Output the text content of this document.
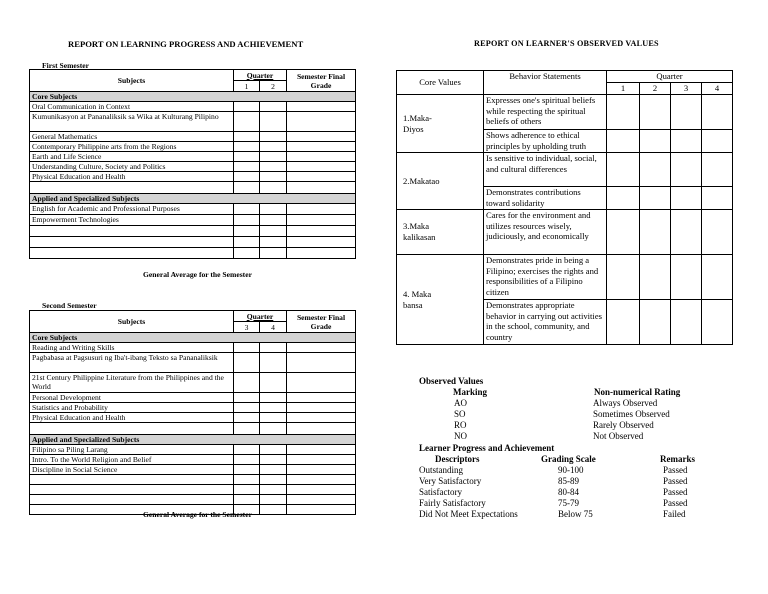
REPORT ON LEARNING PROGRESS AND ACHIEVEMENT
First Semester
Subjects	Quarter		Semester Final Grade
	1	2	
Core Subjects			
Oral Communication in Context			
Kumunikasyon at Pananaliksik sa Wika at Kulturang Pilipino			
General Mathematics			
Contemporary Philippine arts from the Regions			
Earth and Life Science			
Understanding Culture, Society and Politics			
Physical Education and Health			

Applied and Specialized Subjects			
English for Academic and Professional Purposes			
Empowerment Technologies			

General Average for the Semester
Second Semester
Subjects	Quarter		Semester Final Grade
	3	4	
Core Subjects			
Reading and Writing Skills			
Pagbabasa at Pagsusuri ng Iba't-ibang Teksto sa Pananaliksik			
21st Century Philippine Literature from the Philippines and the World			
Personal Development			
Statistics and Probability			
Physical Education and Health			

Applied and Specialized Subjects			
Filipino sa Piling Larang			
Intro. To the World Religion and Belief			
Discipline in Social Science			

General Average for the Semester
REPORT ON LEARNER'S OBSERVED VALUES
Core Values	Behavior Statements	Quarter			
		1	2	3	4
1.Maka-
Diyos	Expresses one's spiritual beliefs while respecting the spiritual beliefs of others				
	Shows adherence to ethical principles by upholding truth				
2.Makatao	Is sensitive to individual, social, and cultural differences				
	Demonstrates contributions toward solidarity				
3.Maka
kalikasan	Cares for the environment and utilizes resources wisely, judiciously, and economically				
4. Maka
bansa	Demonstrates pride in being a Filipino; exercises the rights and responsibilities of a Filipino citizen				
	Demonstrates appropriate behavior in carrying out activities in the school, community, and country				
Observed Values
Marking	Non-numerical Rating
AO	Always Observed
SO	Sometimes Observed
RO	Rarely Observed
NO	Not Observed
Learner Progress and Achievement
Descriptors	Grading Scale	Remarks
Outstanding	90-100	Passed
Very Satisfactory	85-89	Passed
Satisfactory	80-84	Passed
Fairly Satisfactory	75-79	Passed
Did Not Meet Expectations	Below 75	Failed
